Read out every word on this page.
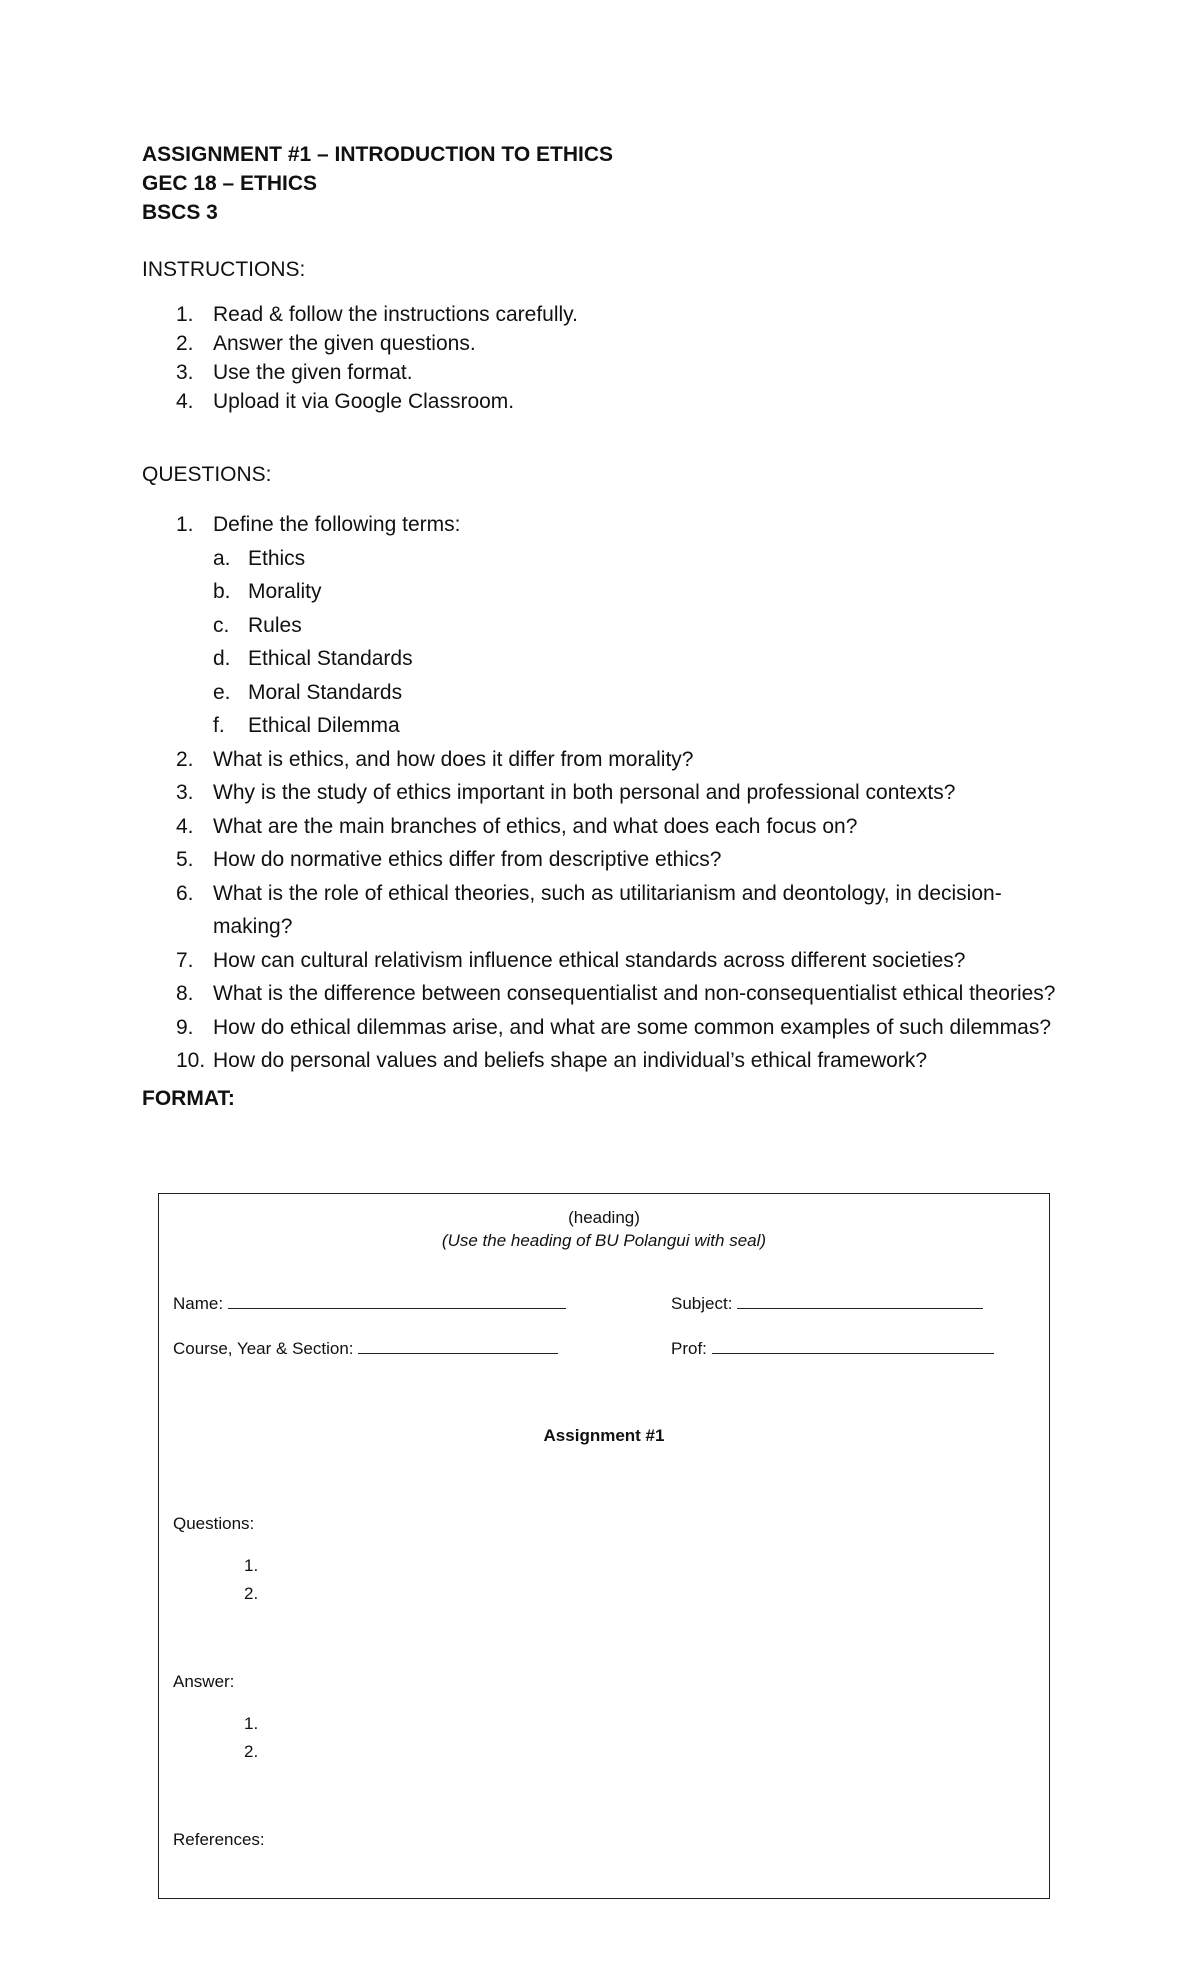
ASSIGNMENT #1 – INTRODUCTION TO ETHICS
GEC 18 – ETHICS
BSCS 3
INSTRUCTIONS:
1. Read & follow the instructions carefully.
2. Answer the given questions.
3. Use the given format.
4. Upload it via Google Classroom.
QUESTIONS:
1. Define the following terms:
a. Ethics
b. Morality
c. Rules
d. Ethical Standards
e. Moral Standards
f.	Ethical Dilemma
2. What is ethics, and how does it differ from morality?
3. Why is the study of ethics important in both personal and professional contexts?
4. What are the main branches of ethics, and what does each focus on?
5. How do normative ethics differ from descriptive ethics?
6. What is the role of ethical theories, such as utilitarianism and deontology, in decision-making?
7. How can cultural relativism influence ethical standards across different societies?
8. What is the difference between consequentialist and non-consequentialist ethical theories?
9. How do ethical dilemmas arise, and what are some common examples of such dilemmas?
10. How do personal values and beliefs shape an individual’s ethical framework?
FORMAT:
(heading)
(Use the heading of BU Polangui with seal)
Name:	Subject:
Course, Year & Section:	Prof:
Assignment #1
Questions:
1.
2.
Answer:
1.
2.
References:
